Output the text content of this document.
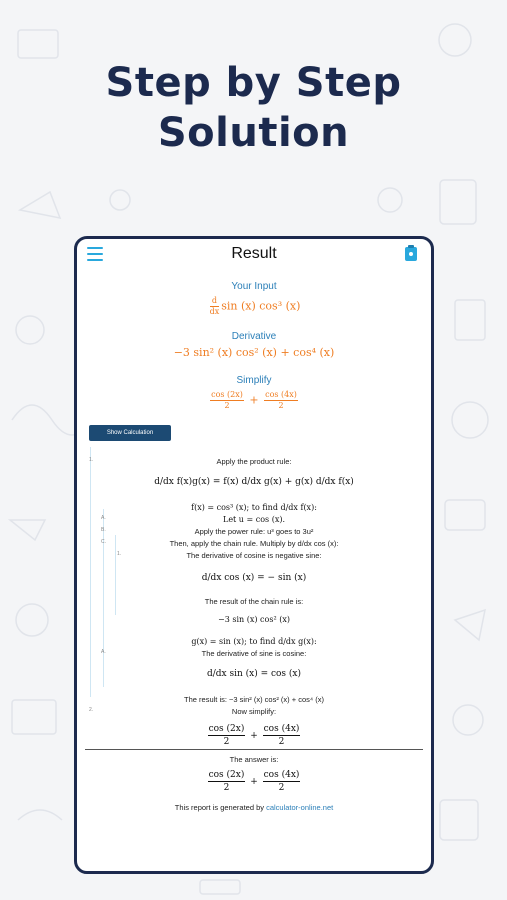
Step by Step
Solution
Result
Your Input
$\frac{d}{dx}$ sin (x) cos³ (x)
Derivative
−3 sin² (x) cos² (x) + cos⁴ (x)
Simplify
$\frac{\cos (2x)}{2} + \frac{\cos (4x)}{2}$
Show Calculation
1.	Apply the product rule:
d/dx f(x)g(x) = f(x) d/dx g(x) + g(x) d/dx f(x)
f(x) = cos³ (x); to find d/dx f(x):
A.	Let u = cos (x).
B.	Apply the power rule: u³ goes to 3u²
C.	Then, apply the chain rule. Multiply by d/dx cos (x):
1.	The derivative of cosine is negative sine:
d/dx cos (x) = − sin (x)
The result of the chain rule is:
−3 sin (x) cos² (x)
g(x) = sin (x); to find d/dx g(x):
A.	The derivative of sine is cosine:
d/dx sin (x) = cos (x)
The result is: −3 sin² (x) cos² (x) + cos⁴ (x)
2.	Now simplify:
$\frac{\cos (2x)}{2} + \frac{\cos (4x)}{2}$
The answer is:
$\frac{\cos (2x)}{2} + \frac{\cos (4x)}{2}$
This report is generated by calculator-online.net
